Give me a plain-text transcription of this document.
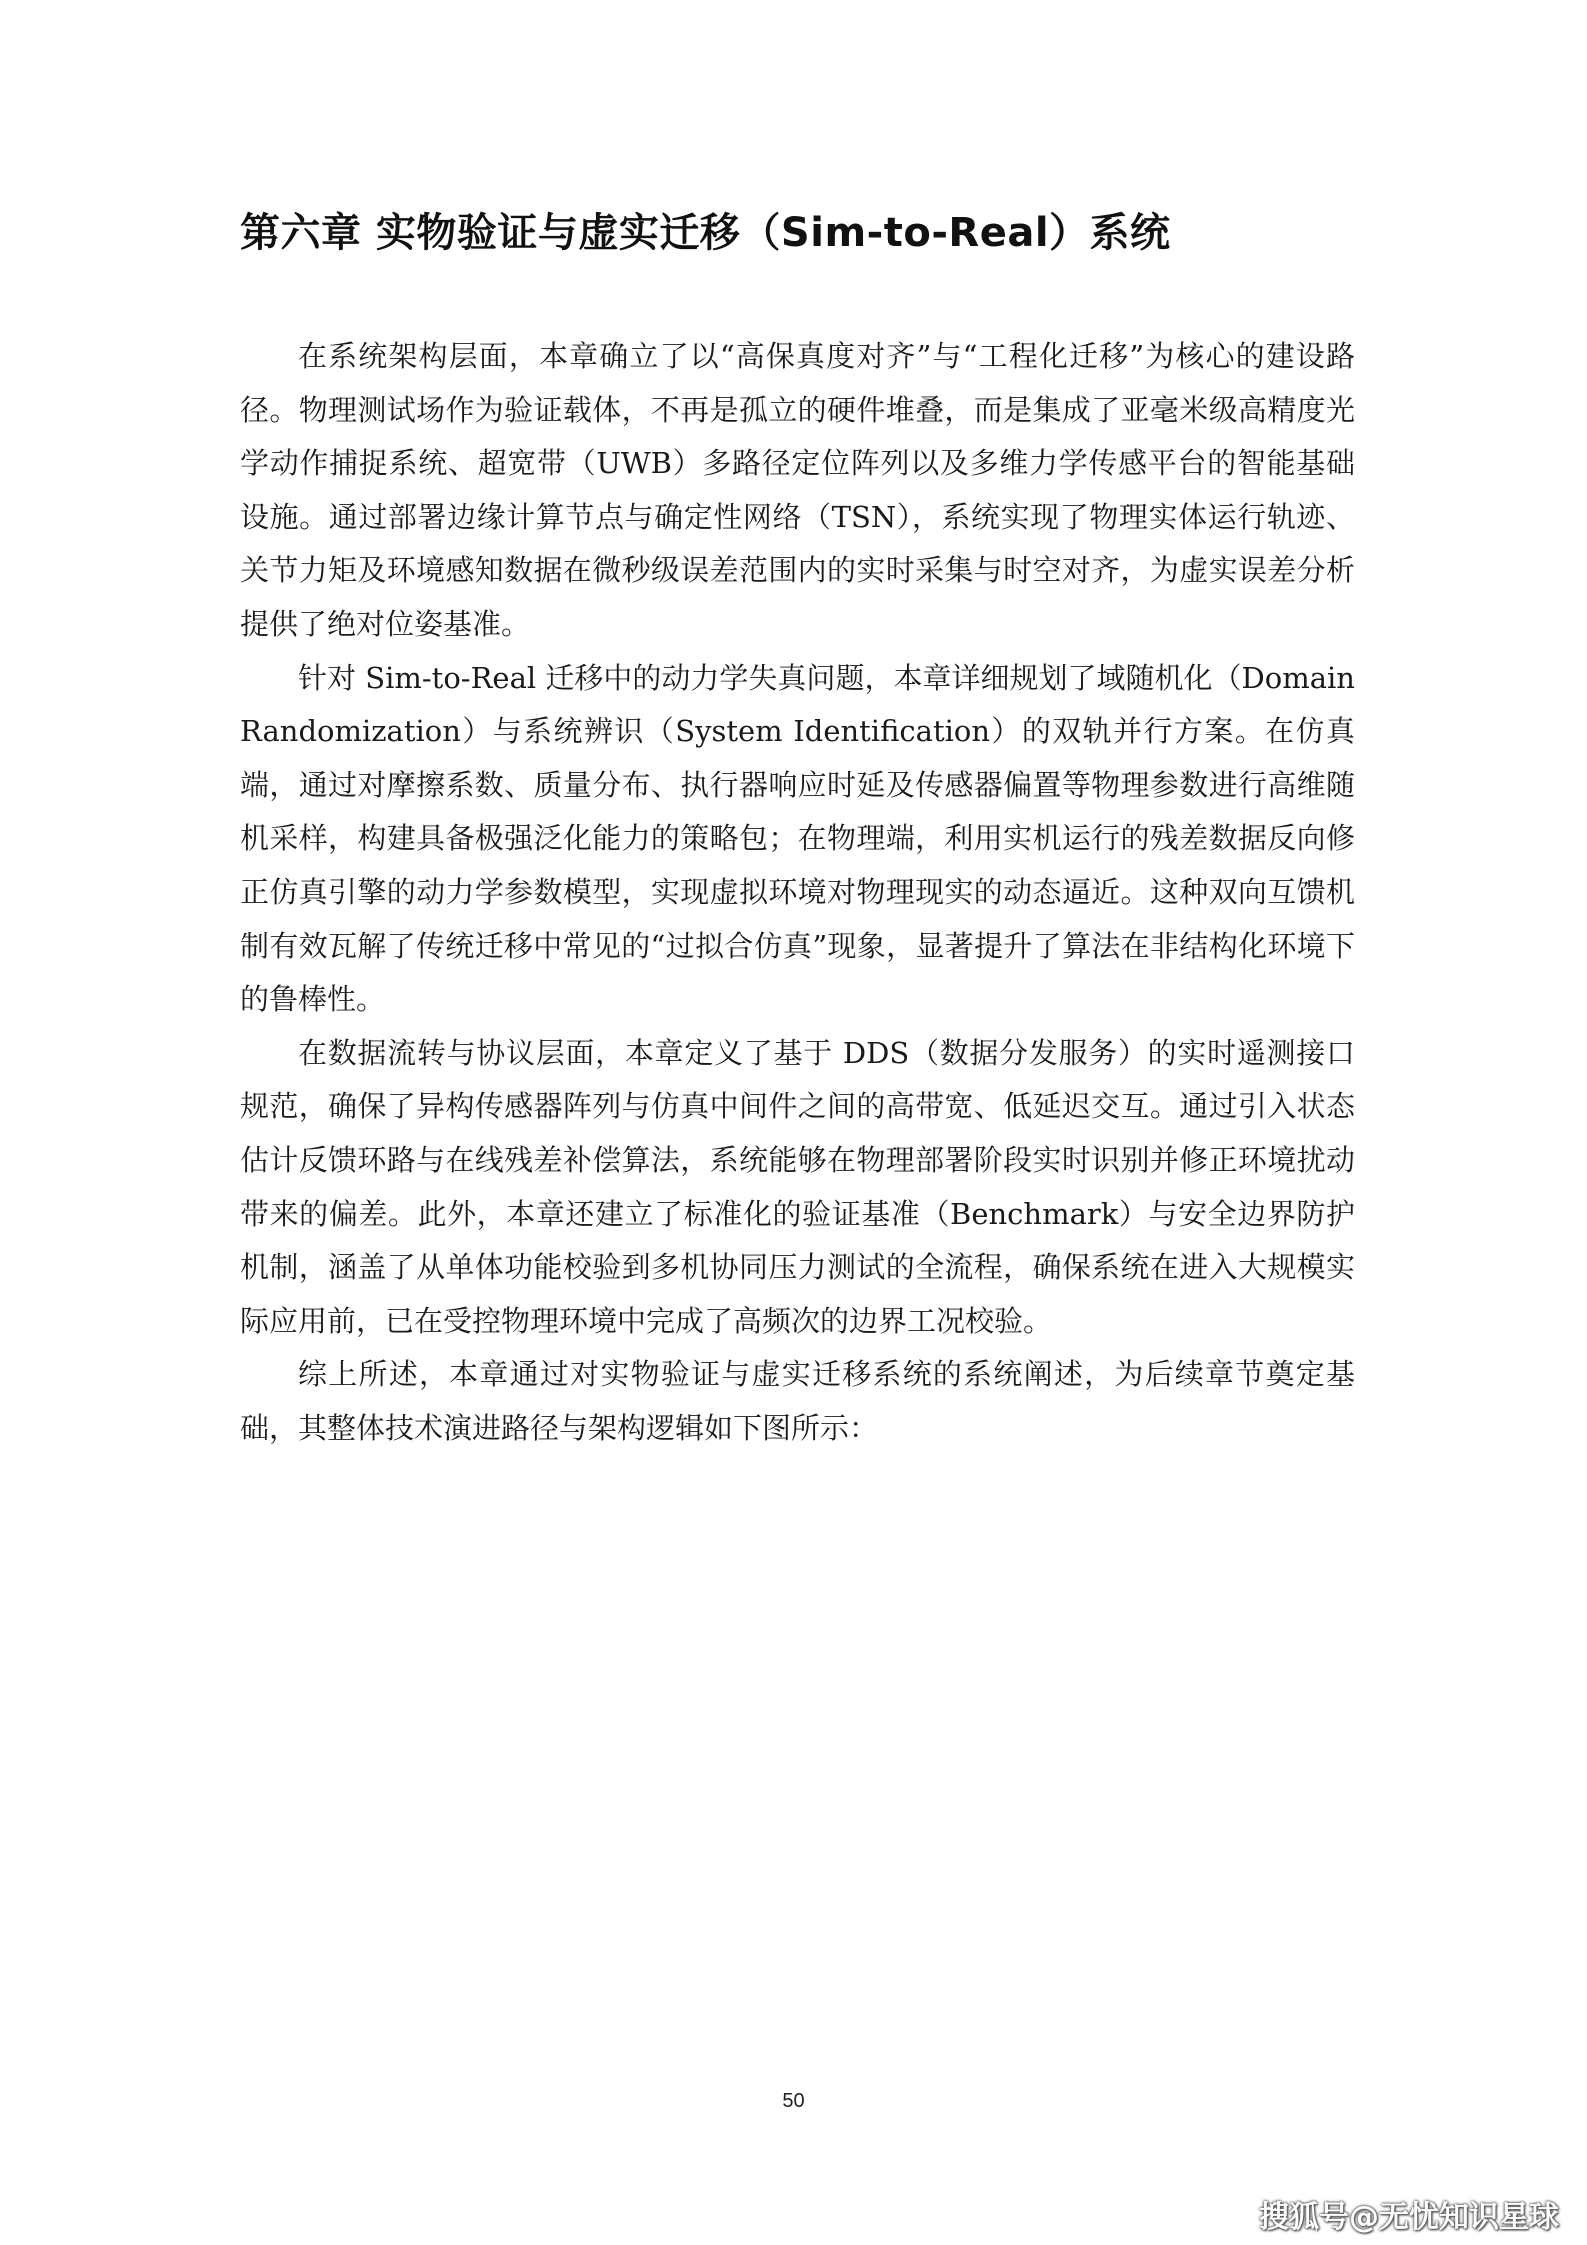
第六章 实物验证与虚实迁移（Sim-to-Real）系统

在系统架构层面，本章确立了以“高保真度对齐”与“工程化迁移”为核心的建设路径。物理测试场作为验证载体，不再是孤立的硬件堆叠，而是集成了亚毫米级高精度光学动作捕捉系统、超宽带（UWB）多路径定位阵列以及多维力学传感平台的智能基础设施。通过部署边缘计算节点与确定性网络（TSN），系统实现了物理实体运行轨迹、关节力矩及环境感知数据在微秒级误差范围内的实时采集与时空对齐，为虚实误差分析提供了绝对位姿基准。

针对 Sim-to-Real 迁移中的动力学失真问题，本章详细规划了域随机化（Domain Randomization）与系统辨识（System Identification）的双轨并行方案。在仿真端，通过对摩擦系数、质量分布、执行器响应时延及传感器偏置等物理参数进行高维随机采样，构建具备极强泛化能力的策略包；在物理端，利用实机运行的残差数据反向修正仿真引擎的动力学参数模型，实现虚拟环境对物理现实的动态逼近。这种双向互馈机制有效瓦解了传统迁移中常见的“过拟合仿真”现象，显著提升了算法在非结构化环境下的鲁棒性。

在数据流转与协议层面，本章定义了基于 DDS（数据分发服务）的实时遥测接口规范，确保了异构传感器阵列与仿真中间件之间的高带宽、低延迟交互。通过引入状态估计反馈环路与在线残差补偿算法，系统能够在物理部署阶段实时识别并修正环境扰动带来的偏差。此外，本章还建立了标准化的验证基准（Benchmark）与安全边界防护机制，涵盖了从单体功能校验到多机协同压力测试的全流程，确保系统在进入大规模实际应用前，已在受控物理环境中完成了高频次的边界工况校验。

综上所述，本章通过对实物验证与虚实迁移系统的系统阐述，为后续章节奠定基础，其整体技术演进路径与架构逻辑如下图所示：

50
搜狐号@无忧知识星球
